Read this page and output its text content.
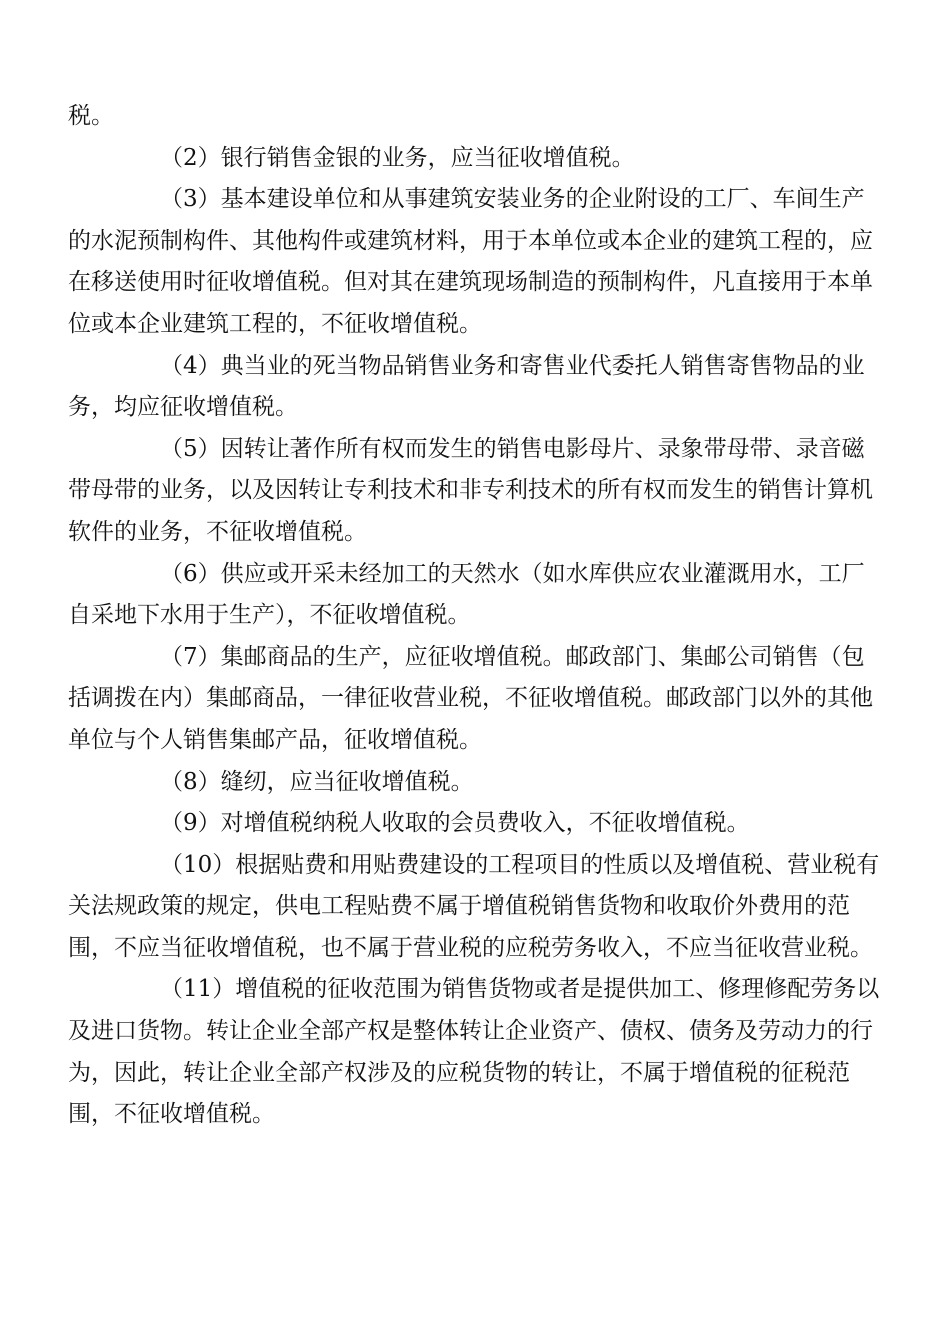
税。

（2）银行销售金银的业务，应当征收增值税。

（3）基本建设单位和从事建筑安装业务的企业附设的工厂、车间生产的水泥预制构件、其他构件或建筑材料，用于本单位或本企业的建筑工程的，应在移送使用时征收增值税。但对其在建筑现场制造的预制构件，凡直接用于本单位或本企业建筑工程的，不征收增值税。

（4）典当业的死当物品销售业务和寄售业代委托人销售寄售物品的业务，均应征收增值税。

（5）因转让著作所有权而发生的销售电影母片、录象带母带、录音磁带母带的业务，以及因转让专利技术和非专利技术的所有权而发生的销售计算机软件的业务，不征收增值税。

（6）供应或开采未经加工的天然水（如水库供应农业灌溉用水，工厂自采地下水用于生产），不征收增值税。

（7）集邮商品的生产，应征收增值税。邮政部门、集邮公司销售（包括调拨在内）集邮商品，一律征收营业税，不征收增值税。邮政部门以外的其他单位与个人销售集邮产品，征收增值税。

（8）缝纫，应当征收增值税。

（9）对增值税纳税人收取的会员费收入，不征收增值税。

（10）根据贴费和用贴费建设的工程项目的性质以及增值税、营业税有关法规政策的规定，供电工程贴费不属于增值税销售货物和收取价外费用的范围，不应当征收增值税，也不属于营业税的应税劳务收入，不应当征收营业税。

（11）增值税的征收范围为销售货物或者是提供加工、修理修配劳务以及进口货物。转让企业全部产权是整体转让企业资产、债权、债务及劳动力的行为，因此，转让企业全部产权涉及的应税货物的转让，不属于增值税的征税范围，不征收增值税。
